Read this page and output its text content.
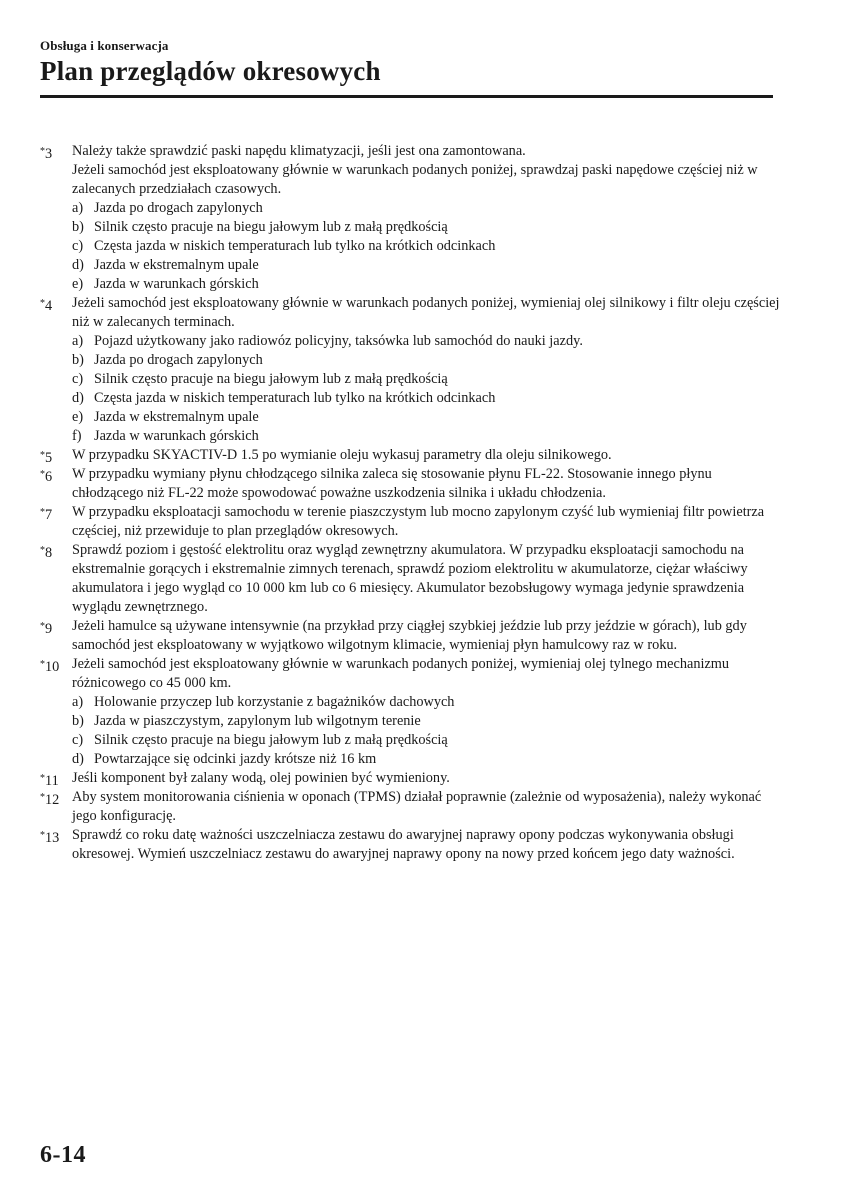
Obsługa i konserwacja
Plan przeglądów okresowych
*3 Należy także sprawdzić paski napędu klimatyzacji, jeśli jest ona zamontowana.
Jeżeli samochód jest eksploatowany głównie w warunkach podanych poniżej, sprawdzaj paski napędowe częściej niż w zalecanych przedziałach czasowych.
a) Jazda po drogach zapylonych
b) Silnik często pracuje na biegu jałowym lub z małą prędkością
c) Częsta jazda w niskich temperaturach lub tylko na krótkich odcinkach
d) Jazda w ekstremalnym upale
e) Jazda w warunkach górskich
*4 Jeżeli samochód jest eksploatowany głównie w warunkach podanych poniżej, wymieniaj olej silnikowy i filtr oleju częściej niż w zalecanych terminach.
a) Pojazd użytkowany jako radiowóz policyjny, taksówka lub samochód do nauki jazdy.
b) Jazda po drogach zapylonych
c) Silnik często pracuje na biegu jałowym lub z małą prędkością
d) Częsta jazda w niskich temperaturach lub tylko na krótkich odcinkach
e) Jazda w ekstremalnym upale
f) Jazda w warunkach górskich
*5 W przypadku SKYACTIV-D 1.5 po wymianie oleju wykasuj parametry dla oleju silnikowego.
*6 W przypadku wymiany płynu chłodzącego silnika zaleca się stosowanie płynu FL-22. Stosowanie innego płynu chłodzącego niż FL-22 może spowodować poważne uszkodzenia silnika i układu chłodzenia.
*7 W przypadku eksploatacji samochodu w terenie piaszczystym lub mocno zapylonym czyść lub wymieniaj filtr powietrza częściej, niż przewiduje to plan przeglądów okresowych.
*8 Sprawdź poziom i gęstość elektrolitu oraz wygląd zewnętrzny akumulatora. W przypadku eksploatacji samochodu na ekstremalnie gorących i ekstremalnie zimnych terenach, sprawdź poziom elektrolitu w akumulatorze, ciężar właściwy akumulatora i jego wygląd co 10 000 km lub co 6 miesięcy. Akumulator bezobsługowy wymaga jedynie sprawdzenia wyglądu zewnętrznego.
*9 Jeżeli hamulce są używane intensywnie (na przykład przy ciągłej szybkiej jeździe lub przy jeździe w górach), lub gdy samochód jest eksploatowany w wyjątkowo wilgotnym klimacie, wymieniaj płyn hamulcowy raz w roku.
*10 Jeżeli samochód jest eksploatowany głównie w warunkach podanych poniżej, wymieniaj olej tylnego mechanizmu różnicowego co 45 000 km.
a) Holowanie przyczep lub korzystanie z bagażników dachowych
b) Jazda w piaszczystym, zapylonym lub wilgotnym terenie
c) Silnik często pracuje na biegu jałowym lub z małą prędkością
d) Powtarzające się odcinki jazdy krótsze niż 16 km
*11 Jeśli komponent był zalany wodą, olej powinien być wymieniony.
*12 Aby system monitorowania ciśnienia w oponach (TPMS) działał poprawnie (zależnie od wyposażenia), należy wykonać jego konfigurację.
*13 Sprawdź co roku datę ważności uszczelniacza zestawu do awaryjnej naprawy opony podczas wykonywania obsługi okresowej. Wymień uszczelniacz zestawu do awaryjnej naprawy opony na nowy przed końcem jego daty ważności.
6-14
